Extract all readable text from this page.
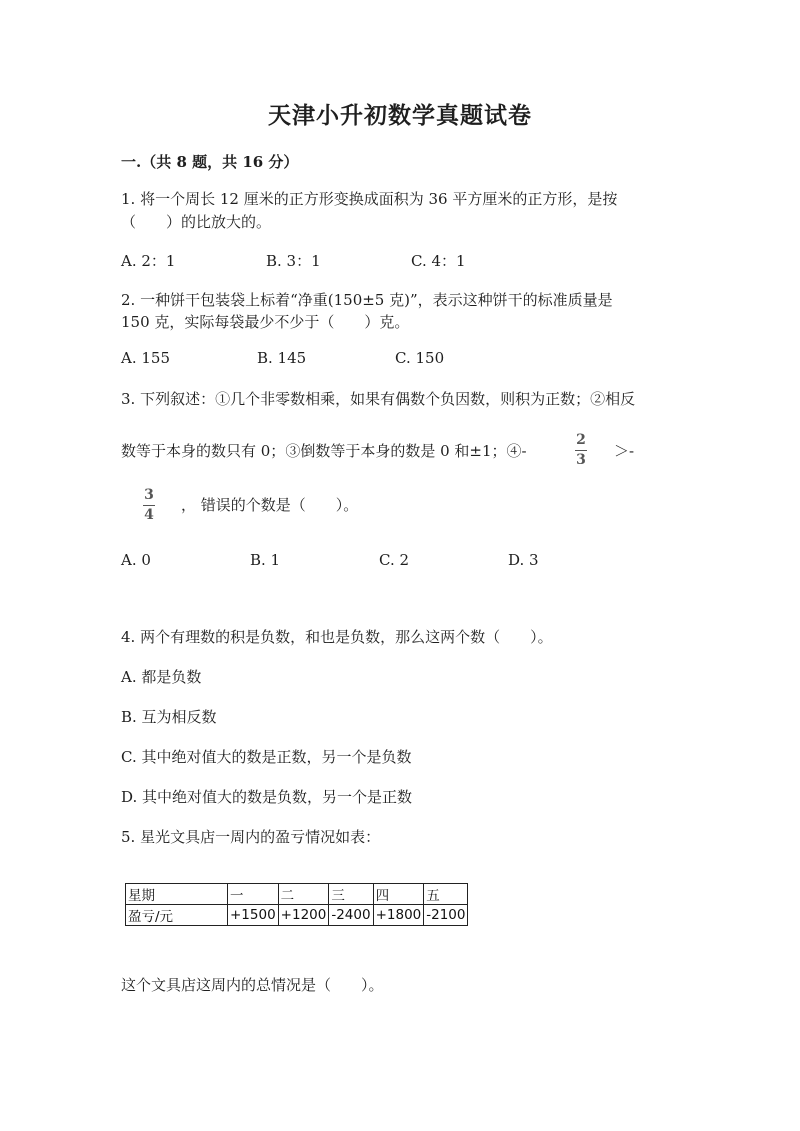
天津小升初数学真题试卷
一.（共 8 题，共 16 分）
1. 将一个周长 12 厘米的正方形变换成面积为 36 平方厘米的正方形，是按
（　　）的比放大的。
A. 2：1	B. 3：1	C. 4：1
2. 一种饼干包装袋上标着“净重(150±5 克)”，表示这种饼干的标准质量是
150 克，实际每袋最少不少于（　　）克。
A. 155	B. 145	C. 150
3. 下列叙述：①几个非零数相乘，如果有偶数个负因数，则积为正数；②相反
数等于本身的数只有 0；③倒数等于本身的数是 0 和±1；④-
2
3 ＞-
3
4
， 错误的个数是（　　）。
A. 0	B. 1	C. 2	D. 3
4. 两个有理数的积是负数，和也是负数，那么这两个数（　　）。
A. 都是负数
B. 互为相反数
C. 其中绝对值大的数是正数，另一个是负数
D. 其中绝对值大的数是负数，另一个是正数
5. 星光文具店一周内的盈亏情况如表：
星期	一	二	三	四	五
盈亏/元	+1500	+1200	-2400	+1800	-2100
这个文具店这周内的总情况是（　　）。
